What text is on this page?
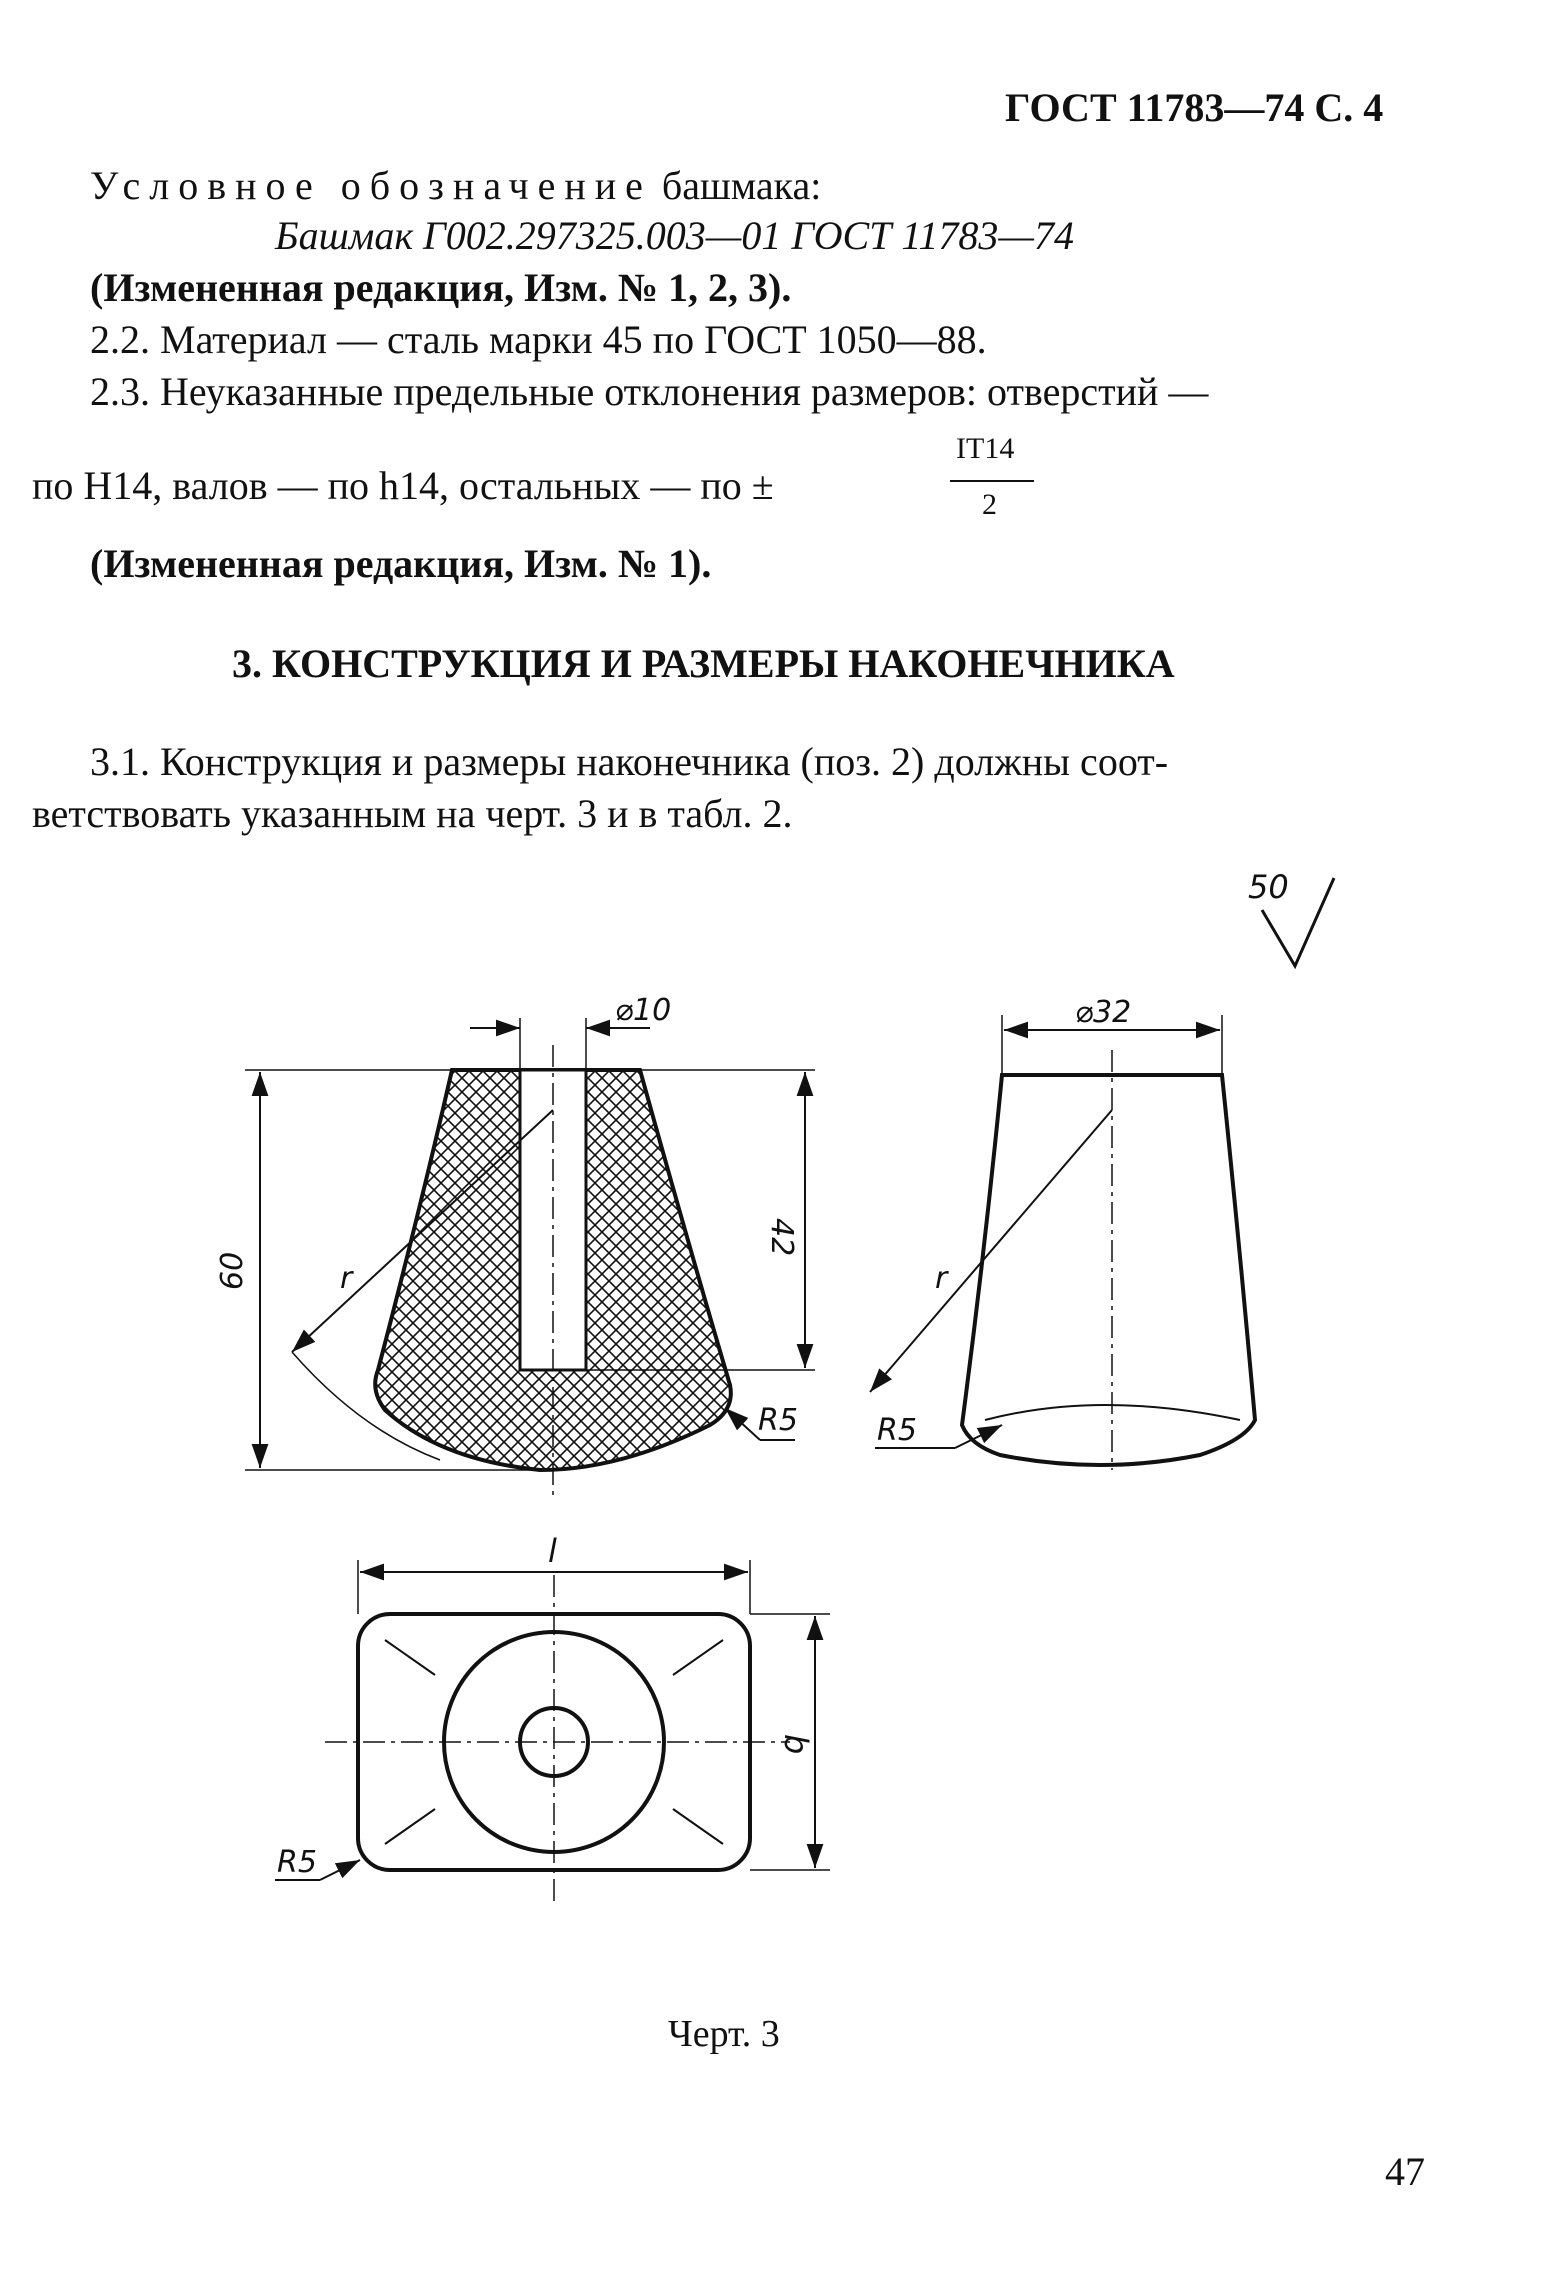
ГОСТ 11783—74 С. 4
Условное обозначение башмака:
Башмак Г002.297325.003—01 ГОСТ 11783—74
(Измененная редакция, Изм. № 1, 2, 3).
2.2. Материал — сталь марки 45 по ГОСТ 1050—88.
2.3. Неуказанные предельные отклонения размеров: отверстий —
по H14, валов — по h14, остальных — по ±
IT14
2
(Измененная редакция, Изм. № 1).
3. КОНСТРУКЦИЯ И РАЗМЕРЫ НАКОНЕЧНИКА
3.1. Конструкция и размеры наконечника (поз. 2) должны соот-
ветствовать указанным на черт. 3 и в табл. 2.
50
r
R5
⌀10
60
42
r
R5
⌀32
l
b
R5
Черт. 3
47
